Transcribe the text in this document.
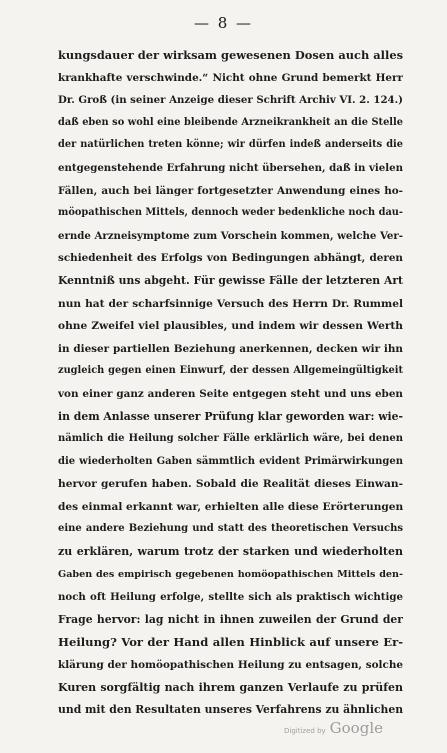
— 8 —
kungsdauer der wirksam gewesenen Dosen auch alles
krankhafte verschwinde.“ Nicht ohne Grund bemerkt Herr
Dr. Groß (in seiner Anzeige dieser Schrift Archiv VI. 2. 124.)
daß eben so wohl eine bleibende Arzneikrankheit an die Stelle
der natürlichen treten könne; wir dürfen indeß anderseits die
entgegenstehende Erfahrung nicht übersehen, daß in vielen
Fällen, auch bei länger fortgesetzter Anwendung eines ho-
möopathischen Mittels, dennoch weder bedenkliche noch dau-
ernde Arzneisymptome zum Vorschein kommen, welche Ver-
schiedenheit des Erfolgs von Bedingungen abhängt, deren
Kenntniß uns abgeht. Für gewisse Fälle der letzteren Art
nun hat der scharfsinnige Versuch des Herrn Dr. Rummel
ohne Zweifel viel plausibles, und indem wir dessen Werth
in dieser partiellen Beziehung anerkennen, decken wir ihn
zugleich gegen einen Einwurf, der dessen Allgemeingültigkeit
von einer ganz anderen Seite entgegen steht und uns eben
in dem Anlasse unserer Prüfung klar geworden war: wie-
nämlich die Heilung solcher Fälle erklärlich wäre, bei denen
die wiederholten Gaben sämmtlich evident Primärwirkungen
hervor gerufen haben. Sobald die Realität dieses Einwan-
des einmal erkannt war, erhielten alle diese Erörterungen
eine andere Beziehung und statt des theoretischen Versuchs
zu erklären, warum trotz der starken und wiederholten
Gaben des empirisch gegebenen homöopathischen Mittels den-
noch oft Heilung erfolge, stellte sich als praktisch wichtige
Frage hervor: lag nicht in ihnen zuweilen der Grund der
Heilung? Vor der Hand allen Hinblick auf unsere Er-
klärung der homöopathischen Heilung zu entsagen, solche
Kuren sorgfältig nach ihrem ganzen Verlaufe zu prüfen
und mit den Resultaten unseres Verfahrens zu ähnlichen
Digitized by Google
